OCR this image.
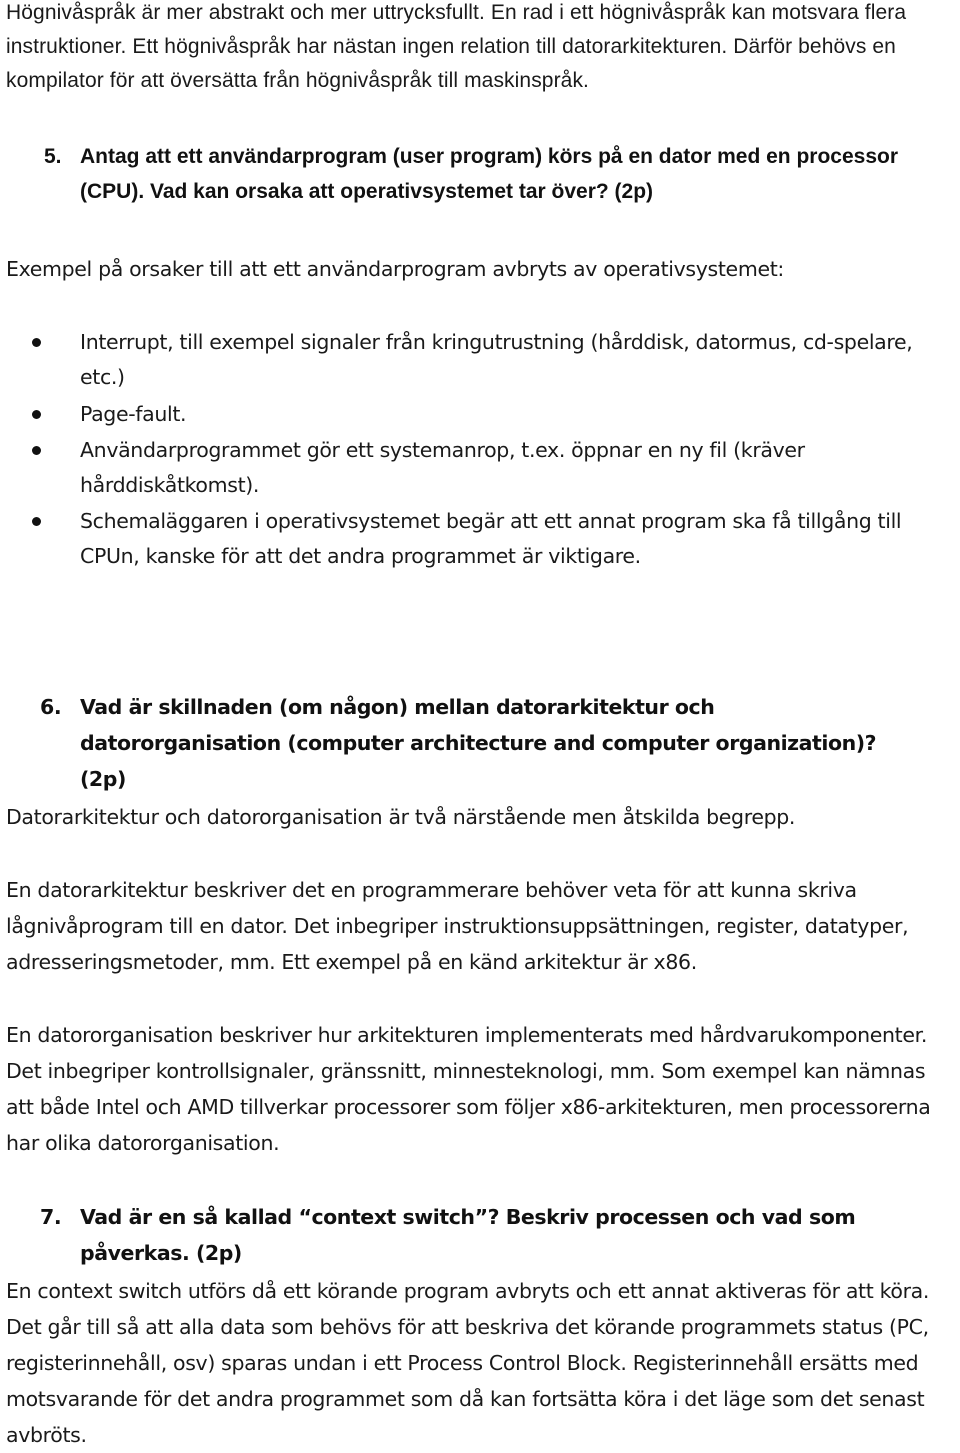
Högnivåspråk är mer abstrakt och mer uttrycksfullt. En rad i ett högnivåspråk kan motsvara flera instruktioner. Ett högnivåspråk har nästan ingen relation till datorarkitekturen. Därför behövs en kompilator för att översätta från högnivåspråk till maskinspråk.

5. Antag att ett användarprogram (user program) körs på en dator med en processor (CPU). Vad kan orsaka att operativsystemet tar över? (2p)

Exempel på orsaker till att ett användarprogram avbryts av operativsystemet:

Interrupt, till exempel signaler från kringutrustning (hårddisk, datormus, cd-spelare, etc.)
Page-fault.
Användarprogrammet gör ett systemanrop, t.ex. öppnar en ny fil (kräver hårddiskåtkomst).
Schemaläggaren i operativsystemet begär att ett annat program ska få tillgång till CPUn, kanske för att det andra programmet är viktigare.
6. Vad är skillnaden (om någon) mellan datorarkitektur och datororganisation (computer architecture and computer organization)? (2p)

Datorarkitektur och datororganisation är två närstående men åtskilda begrepp.

En datorarkitektur beskriver det en programmerare behöver veta för att kunna skriva lågnivåprogram till en dator. Det inbegriper instruktionsuppsättningen, register, datatyper, adresseringsmetoder, mm. Ett exempel på en känd arkitektur är x86.

En datororganisation beskriver hur arkitekturen implementerats med hårdvarukomponenter. Det inbegriper kontrollsignaler, gränssnitt, minnesteknologi, mm. Som exempel kan nämnas att både Intel och AMD tillverkar processorer som följer x86-arkitekturen, men processorerna har olika datororganisation.

7. Vad är en så kallad “context switch”? Beskriv processen och vad som påverkas. (2p)

En context switch utförs då ett körande program avbryts och ett annat aktiveras för att köra. Det går till så att alla data som behövs för att beskriva det körande programmets status (PC, registerinnehåll, osv) sparas undan i ett Process Control Block. Registerinnehåll ersätts med motsvarande för det andra programmet som då kan fortsätta köra i det läge som det senast avbröts.
